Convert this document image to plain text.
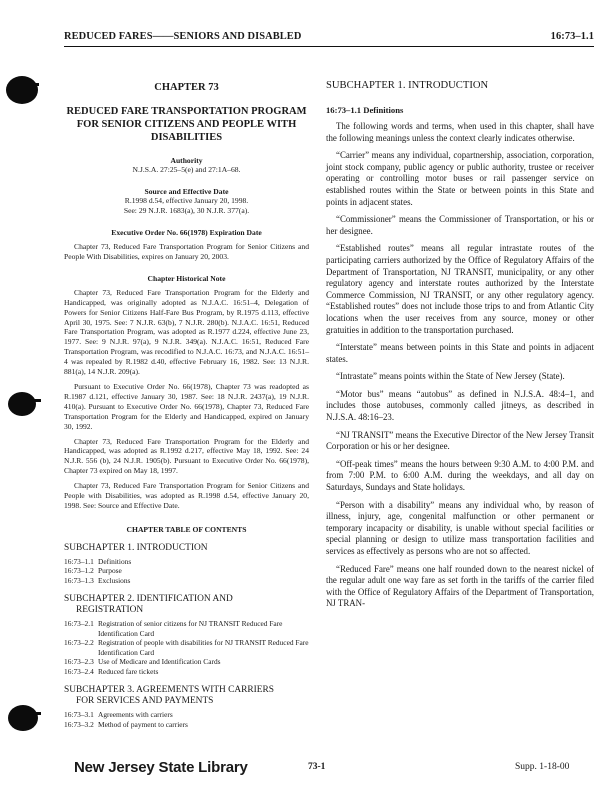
REDUCED FARES——SENIORS AND DISABLED	16:73–1.1
CHAPTER 73
REDUCED FARE TRANSPORTATION PROGRAM FOR SENIOR CITIZENS AND PEOPLE WITH DISABILITIES
Authority
N.J.S.A. 27:25–5(e) and 27:1A–68.
Source and Effective Date
R.1998 d.54, effective January 20, 1998.
See: 29 N.J.R. 1683(a), 30 N.J.R. 377(a).
Executive Order No. 66(1978) Expiration Date
Chapter 73, Reduced Fare Transportation Program for Senior Citizens and People With Disabilities, expires on January 20, 2003.
Chapter Historical Note
Chapter 73, Reduced Fare Transportation Program for the Elderly and Handicapped, was originally adopted as N.J.A.C. 16:51–4, Delegation of Powers for Senior Citizens Half-Fare Bus Program, by R.1975 d.113, effective April 30, 1975. See: 7 N.J.R. 63(b), 7 N.J.R. 280(b). N.J.A.C. 16:51, Reduced Fare Transportation Program, was adopted as R.1977 d.224, effective June 23, 1977. See: 9 N.J.R. 97(a), 9 N.J.R. 349(a). N.J.A.C. 16:51, Reduced Fare Transportation Program, was recodified to N.J.A.C. 16:73, and N.J.A.C. 16:51–4 was repealed by R.1982 d.40, effective February 16, 1982. See: 13 N.J.R. 881(a), 14 N.J.R. 209(a).
Pursuant to Executive Order No. 66(1978), Chapter 73 was readopted as R.1987 d.121, effective January 30, 1987. See: 18 N.J.R. 2437(a), 19 N.J.R. 410(a). Pursuant to Executive Order No. 66(1978), Chapter 73, Reduced Fare Transportation Program for the Elderly and Handicapped, expired on January 30, 1992.
Chapter 73, Reduced Fare Transportation Program for the Elderly and Handicapped, was adopted as R.1992 d.217, effective May 18, 1992. See: 24 N.J.R. 556 (b), 24 N.J.R. 1905(b). Pursuant to Executive Order No. 66(1978), Chapter 73 expired on May 18, 1997.
Chapter 73, Reduced Fare Transportation Program for Senior Citizens and People with Disabilities, was adopted as R.1998 d.54, effective January 20, 1998. See: Source and Effective Date.
CHAPTER TABLE OF CONTENTS
SUBCHAPTER 1. INTRODUCTION
16:73–1.1 Definitions
16:73–1.2 Purpose
16:73–1.3 Exclusions
SUBCHAPTER 2. IDENTIFICATION AND
REGISTRATION
16:73–2.1 Registration of senior citizens for NJ TRANSIT Reduced Fare Identification Card
16:73–2.2 Registration of people with disabilities for NJ TRANSIT Reduced Fare Identification Card
16:73–2.3 Use of Medicare and Identification Cards
16:73–2.4 Reduced fare tickets
SUBCHAPTER 3. AGREEMENTS WITH CARRIERS
FOR SERVICES AND PAYMENTS
16:73–3.1 Agreements with carriers
16:73–3.2 Method of payment to carriers
SUBCHAPTER 1. INTRODUCTION
16:73–1.1 Definitions
The following words and terms, when used in this chapter, shall have the following meanings unless the context clearly indicates otherwise.
“Carrier” means any individual, copartnership, association, corporation, joint stock company, public agency or public authority, trustee or receiver operating or controlling motor buses or rail passenger service on established routes within the State or between points in this State and points in adjacent states.
“Commissioner” means the Commissioner of Transportation, or his or her designee.
“Established routes” means all regular intrastate routes of the participating carriers authorized by the Office of Regulatory Affairs of the Department of Transportation, NJ TRANSIT, municipality, or any other regulatory agency and interstate routes authorized by the Interstate Commerce Commission, NJ TRANSIT, or any other regulatory agency. “Established routes” does not include those trips to and from Atlantic City locations when the user receives from any source, money or other gratuities in addition to the transportation purchased.
“Interstate” means between points in this State and points in adjacent states.
“Intrastate” means points within the State of New Jersey (State).
“Motor bus” means “autobus” as defined in N.J.S.A. 48:4–1, and includes those autobuses, commonly called jitneys, as described in N.J.S.A. 48:16–23.
“NJ TRANSIT” means the Executive Director of the New Jersey Transit Corporation or his or her designee.
“Off-peak times” means the hours between 9:30 A.M. to 4:00 P.M. and from 7:00 P.M. to 6:00 A.M. during the weekdays, and all day on Saturdays, Sundays and State holidays.
“Person with a disability” means any individual who, by reason of illness, injury, age, congenital malfunction or other permanent or temporary incapacity or disability, is unable without special facilities or special planning or design to utilize mass transportation facilities and services as effectively as persons who are not so affected.
“Reduced Fare” means one half rounded down to the nearest nickel of the regular adult one way fare as set forth in the tariffs of the carrier filed with the Office of Regulatory Affairs of the Department of Transportation, NJ TRAN-
New Jersey State Library	73-1	Supp. 1-18-00
